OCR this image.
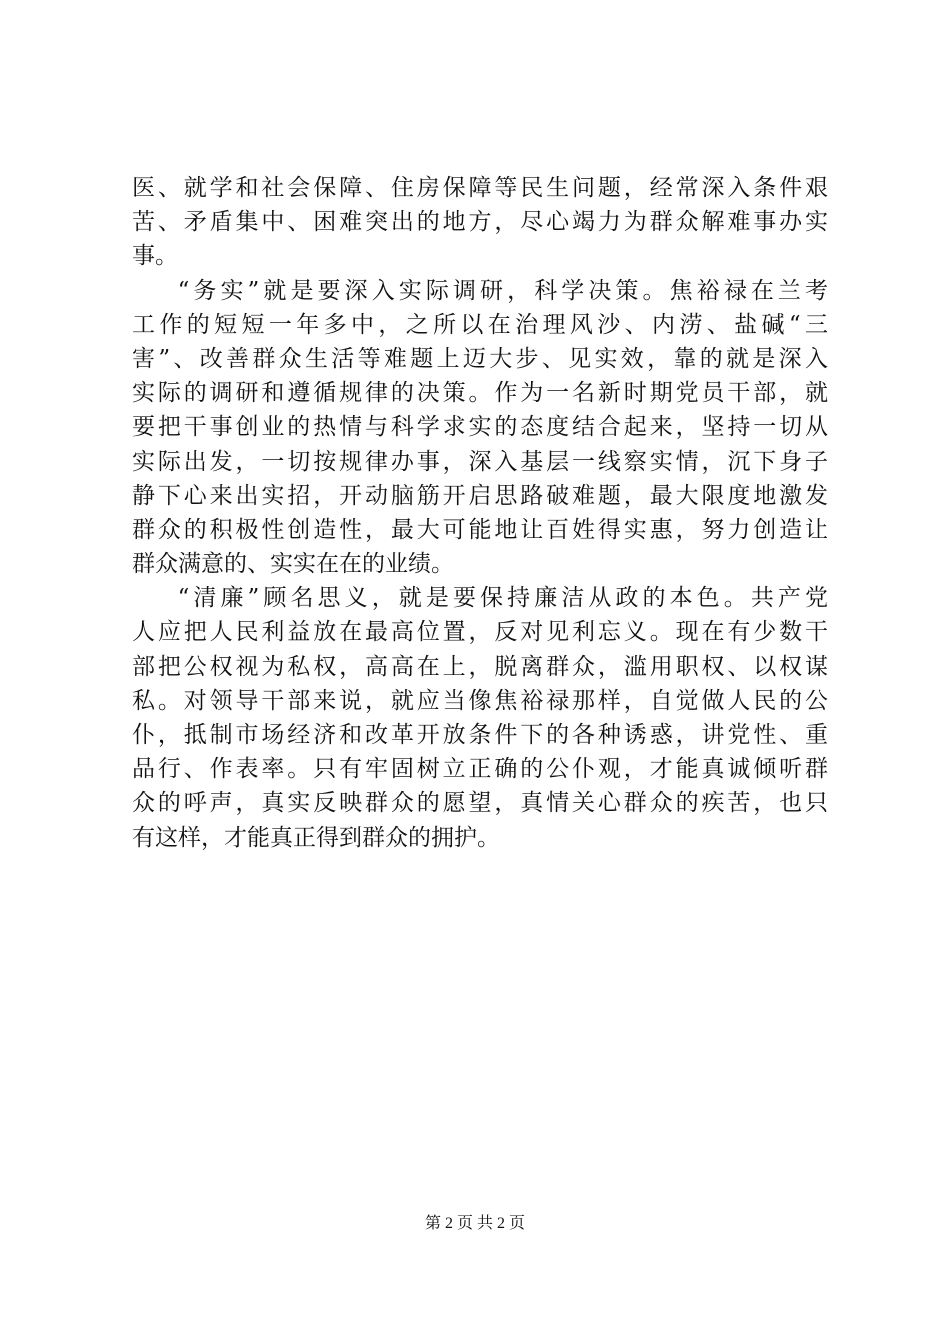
医、就学和社会保障、住房保障等民生问题，经常深入条件艰
苦、矛盾集中、困难突出的地方，尽心竭力为群众解难事办实
事。
“务实”就是要深入实际调研，科学决策。焦裕禄在兰考
工作的短短一年多中，之所以在治理风沙、内涝、盐碱“三
害”、改善群众生活等难题上迈大步、见实效，靠的就是深入
实际的调研和遵循规律的决策。作为一名新时期党员干部，就
要把干事创业的热情与科学求实的态度结合起来，坚持一切从
实际出发，一切按规律办事，深入基层一线察实情，沉下身子
静下心来出实招，开动脑筋开启思路破难题，最大限度地激发
群众的积极性创造性，最大可能地让百姓得实惠，努力创造让
群众满意的、实实在在的业绩。
“清廉”顾名思义，就是要保持廉洁从政的本色。共产党
人应把人民利益放在最高位置，反对见利忘义。现在有少数干
部把公权视为私权，高高在上，脱离群众，滥用职权、以权谋
私。对领导干部来说，就应当像焦裕禄那样，自觉做人民的公
仆，抵制市场经济和改革开放条件下的各种诱惑，讲党性、重
品行、作表率。只有牢固树立正确的公仆观，才能真诚倾听群
众的呼声，真实反映群众的愿望，真情关心群众的疾苦，也只
有这样，才能真正得到群众的拥护。
第 2 页 共 2 页
